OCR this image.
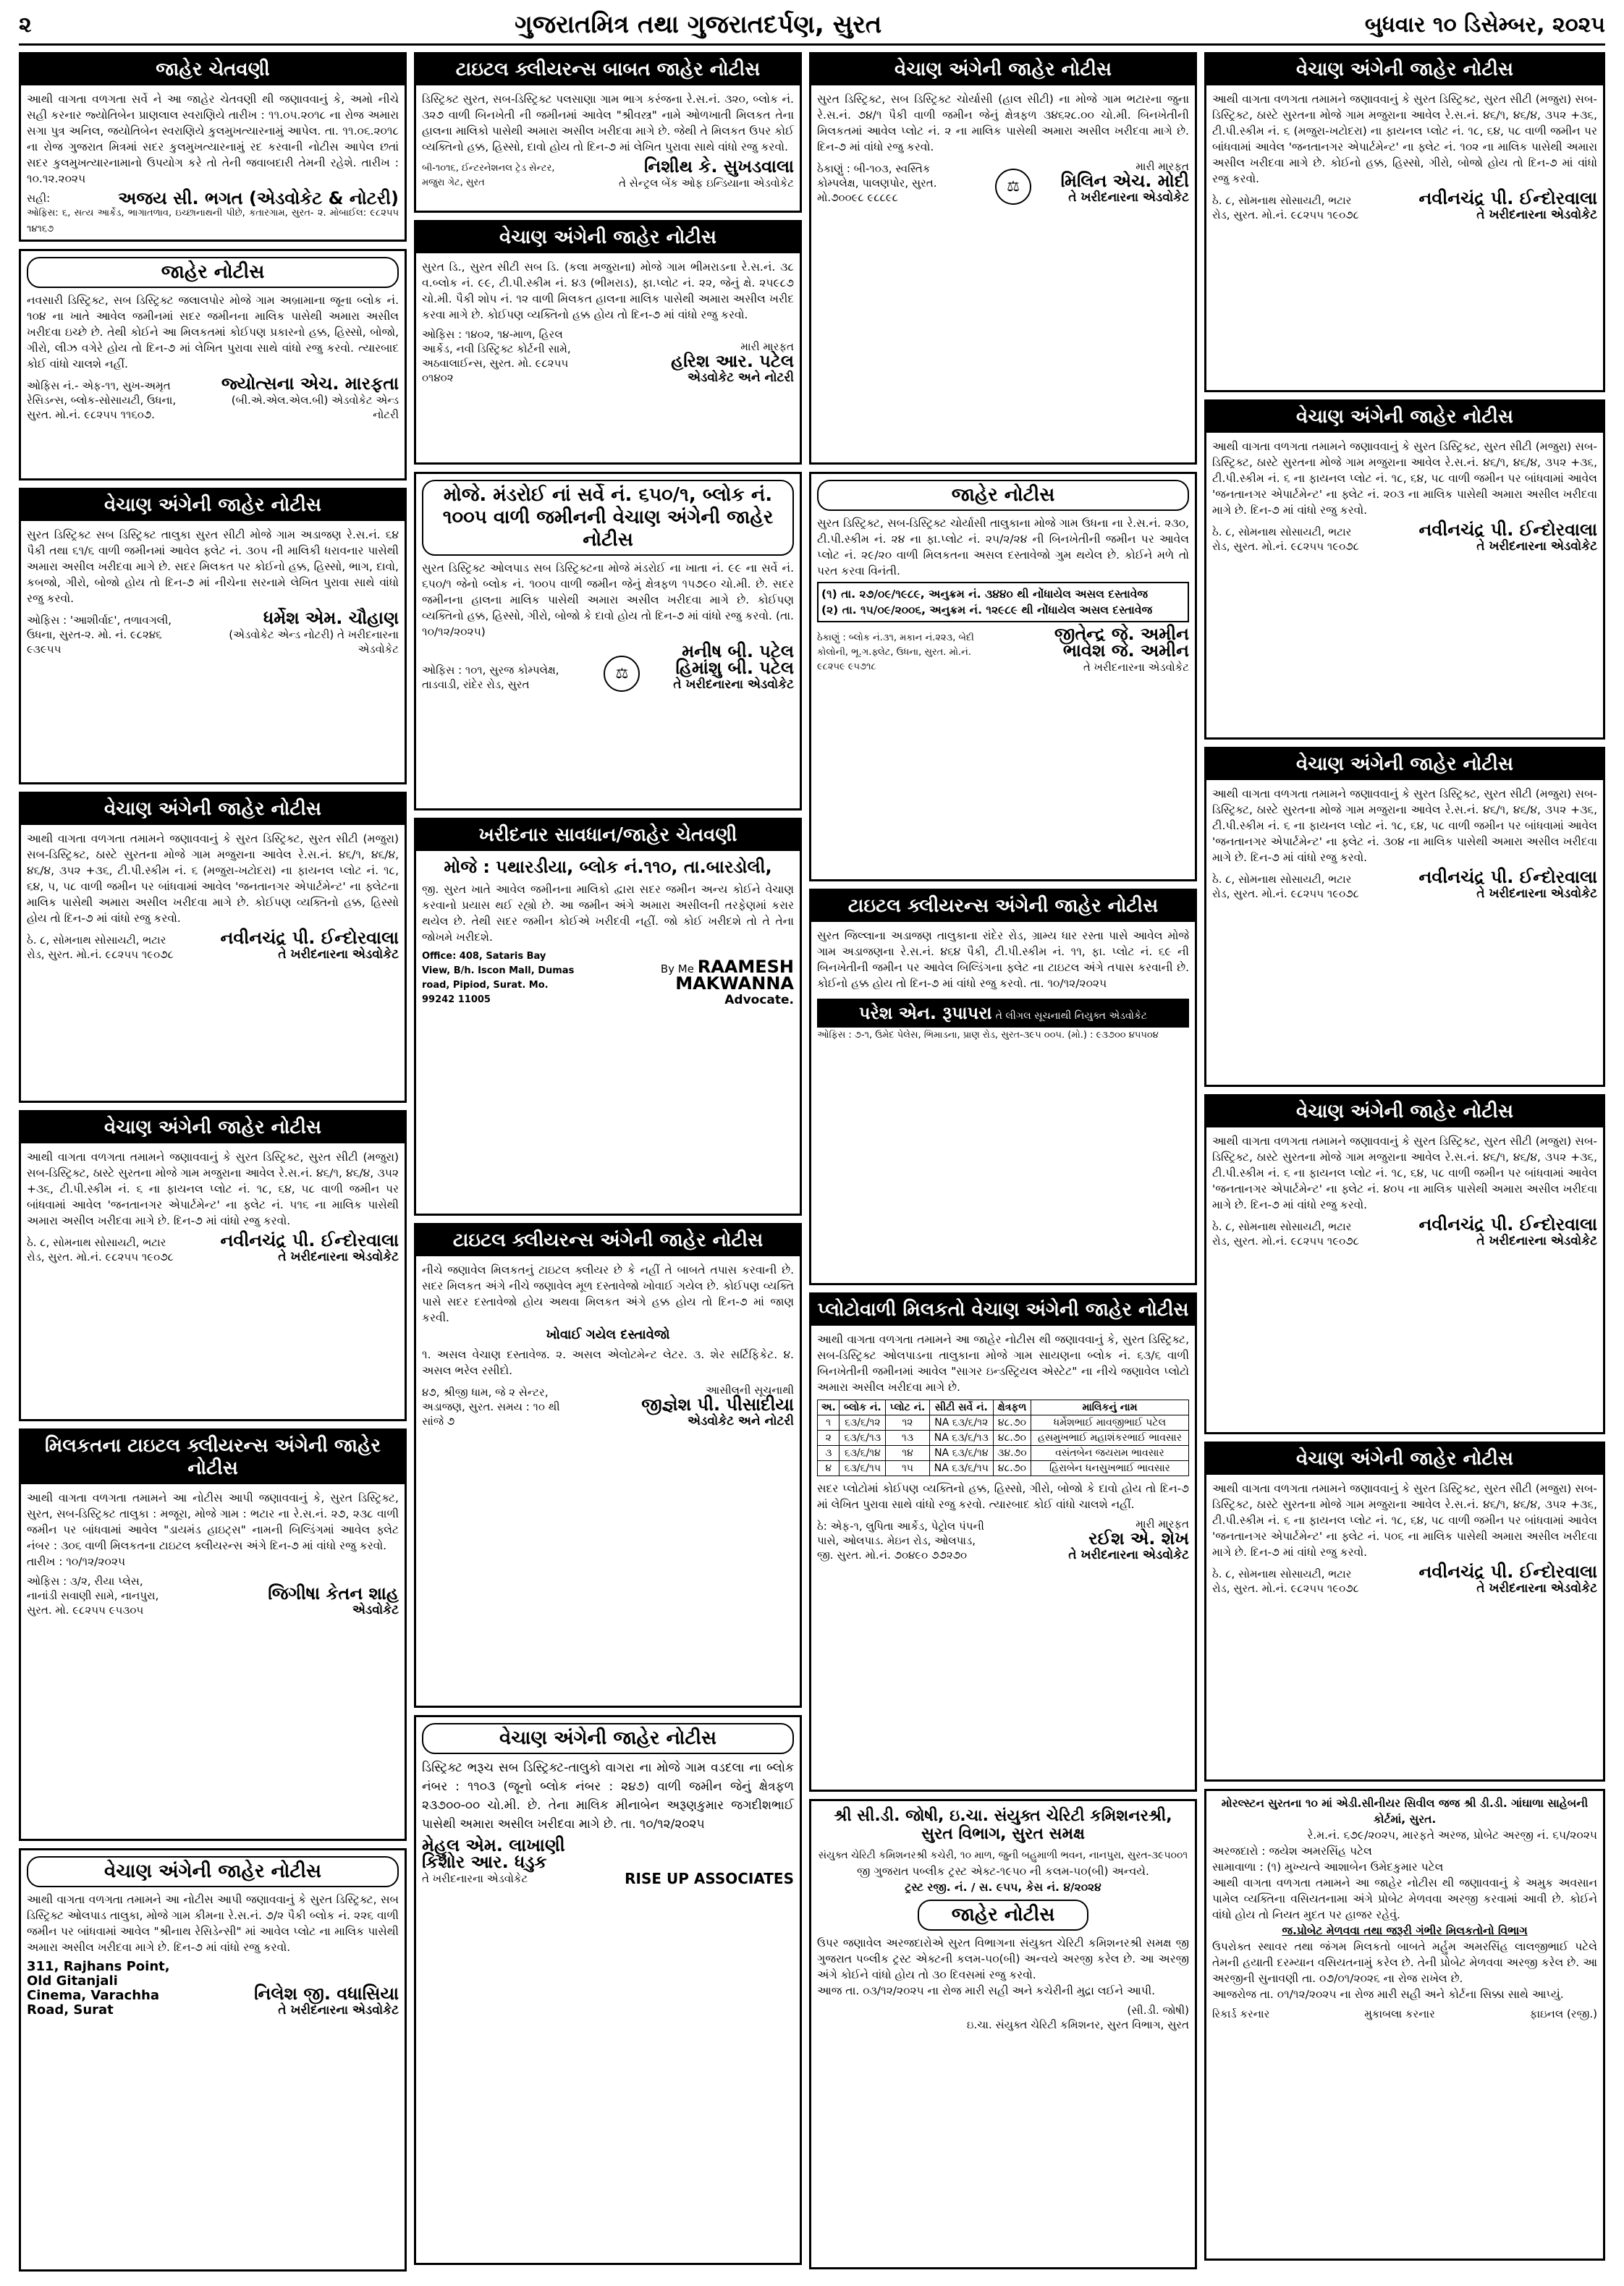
૨	ગુજરાતમિત્ર તથા ગુજરાતદર્પણ, સુરત	બુધવાર ૧૦ ડિસેમ્બર, ૨૦૨૫
જાહેર ચેતવણી
આથી વાગતા વળગતા સર્વે ને આ જાહેર ચેતવણી થી જણાવવાનું કે, અમો નીચે સહી કરનાર જ્યોતિબેન પ્રાણલાલ સ્વરાણિયે તારીખ : ૧૧.૦૫.૨૦૧૮ ના રોજ અમારા સગા પુત્ર અનિલ, જયોતિબેન સ્વરાણિયે કુલમુખત્યારનામું આપેલ. તા. ૧૧.૦૬.૨૦૧૮ ના રોજ ગુજરાત મિત્રમાં સદર કુલમુખત્યારનામું રદ કરવાની નોટીસ આપેલ છતાં સદર કુલમુખત્યારનામાનો ઉપયોગ કરે તો તેની જવાબદારી તેમની રહેશે. તારીખ : ૧૦.૧૨.૨૦૨૫
સહી:	અજય સી. ભગત (એડવોકેટ & નોટરી)
ઓફિસ: ૬, સત્ય આર્કેડ, ભાગાતળાવ, ઇચ્છાનાથની પીછે, કતારગામ, સુરત- ૨. મોબાઈલ: ૯૮૨૫૫ ૧૪૧૬૭
જાહેર નોટીસ
નવસારી ડિસ્ટ્રિક્ટ, સબ ડિસ્ટ્રિક્ટ જલાલપોર મોજે ગામ અબ્રામાના જૂના બ્લોક નં. ૧૦૪ ના ખાતે આવેલ જમીનમાં સદર જમીનના માલિક પાસેથી અમારા અસીલ ખરીદવા ઇચ્છે છે. તેથી કોઈને આ મિલકતમાં કોઈપણ પ્રકારનો હક્ક, હિસ્સો, બોજો, ગીરો, લીઝ વગેરે હોય તો દિન-૭ માં લેખિત પુરાવા સાથે વાંધો રજુ કરવો. ત્યારબાદ કોઈ વાંધો ચાલશે નહીં.
ઓફિસ નં.- એફ-૧૧, સુખ-અમૃત રેસિડન્સ, બ્લોક-સોસાયટી, ઉધના, સુરત. મો.નં. ૯૮૨૫૫ ૧૧૬૦૭.
જ્યોત્સના એચ. મારફતા
(બી.એ.એલ.એલ.બી) એડવોકેટ એન્ડ નોટરી
વેચાણ અંગેની જાહેર નોટીસ
સુરત ડિસ્ટ્રિક્ટ સબ ડિસ્ટ્રિક્ટ તાલુકા સુરત સીટી મોજે ગામ અડાજણ રે.સ.નં. ૬૪ પૈકી તથા ૬૧/૬ વાળી જમીનમાં આવેલ ફ્લેટ નં. ૩૦૫ ની માલિકી ધરાવનાર પાસેથી અમારા અસીલ ખરીદવા માગે છે. સદર મિલકત પર કોઈનો હક્ક, હિસ્સો, ભાગ, દાવો, કબજો, ગીરો, બોજો હોય તો દિન-૭ માં નીચેના સરનામે લેખિત પુરાવા સાથે વાંધો રજુ કરવો.
ઓફિસ : 'આશીર્વાદ', તળાવગલી, ઉધના, સુરત-૨. મો. નં. ૯૮૨૪૬ ૯૩૯૫૫
ધર્મેશ એમ. ચૌહાણ
(એડવોકેટ એન્ડ નોટરી) તે ખરીદનારના એડવોકેટ
વેચાણ અંગેની જાહેર નોટીસ
આથી વાગતા વળગતા તમામને જણાવવાનું કે સુરત ડિસ્ટ્રિક્ટ, સુરત સીટી (મજુરા) સબ-ડિસ્ટ્રિક્ટ, ઠાસ્ટે સુરતના મોજે ગામ મજુરાના આવેલ રે.સ.નં. ૪૬/૧, ૪૬/૪, ૪૬/૪, ૩૫૨ +૩૬, ટી.પી.સ્કીમ નં. ૬ (મજુરા-ખટોદરા) ના ફાયનલ પ્લોટ નં. ૧૮, ૬૪, ૫, ૫૮ વાળી જમીન પર બાંધવામાં આવેલ 'જનતાનગર એપાર્ટમેન્ટ' ના ફ્લેટના માલિક પાસેથી અમારા અસીલ ખરીદવા માગે છે. કોઈપણ વ્યક્તિનો હક્ક, હિસ્સો હોય તો દિન-૭ માં વાંધો રજુ કરવો.
ઠે. ૮, સોમનાથ સોસાયટી, ભટાર રોડ, સુરત. મો.નં. ૯૮૨૫૫ ૧૯૦૭૮
નવીનચંદ્ર પી. ઈન્દોરવાલા
તે ખરીદનારના એડવોકેટ
વેચાણ અંગેની જાહેર નોટીસ
આથી વાગતા વળગતા તમામને જણાવવાનું કે સુરત ડિસ્ટ્રિક્ટ, સુરત સીટી (મજુરા) સબ-ડિસ્ટ્રિક્ટ, ઠાસ્ટે સુરતના મોજે ગામ મજુરાના આવેલ રે.સ.નં. ૪૬/૧, ૪૬/૪, ૩૫૨ +૩૬, ટી.પી.સ્કીમ નં. ૬ ના ફાયનલ પ્લોટ નં. ૧૮, ૬૪, ૫૮ વાળી જમીન પર બાંધવામાં આવેલ 'જનતાનગર એપાર્ટમેન્ટ' ના ફ્લેટ નં. ૫૧૬ ના માલિક પાસેથી અમારા અસીલ ખરીદવા માગે છે. દિન-૭ માં વાંધો રજુ કરવો.
ઠે. ૮, સોમનાથ સોસાયટી, ભટાર રોડ, સુરત. મો.નં. ૯૮૨૫૫ ૧૯૦૭૮
નવીનચંદ્ર પી. ઈન્દોરવાલા
તે ખરીદનારના એડવોકેટ
મિલકતના ટાઇટલ ક્લીયરન્સ અંગેની જાહેર નોટીસ
આથી વાગતા વળગતા તમામને આ નોટીસ આપી જણાવવાનું કે, સુરત ડિસ્ટ્રિક્ટ, સુરત, સબ-ડિસ્ટ્રિક્ટ તાલુકા : મજૂરા, મોજે ગામ : ભટાર ના રે.સ.નં. ૨૭, ૨૩૮ વાળી જમીન પર બાંધવામાં આવેલ "ડાયમંડ હાઇટ્સ" નામની બિલ્ડિંગમાં આવેલ ફ્લેટ નંબર : ૩૦૬ વાળી મિલકતના ટાઇટલ ક્લીયરન્સ અંગે દિન-૭ માં વાંધો રજુ કરવો.
તારીખ : ૧૦/૧૨/૨૦૨૫
ઓફિસ : ૩/૨, રીયા પ્લેસ, નાનાંડી સવાણી સામે, નાનપુરા, સુરત. મો. ૯૮૨૫૫ ૯૫૩૦૫
જિગીષા કેતન શાહ
એડવોકેટ
વેચાણ અંગેની જાહેર નોટીસ
આથી વાગતા વળગતા તમામને આ નોટીસ આપી જણાવવાનું કે સુરત ડિસ્ટ્રિક્ટ, સબ ડિસ્ટ્રિક્ટ ઓલપાડ તાલુકા, મોજે ગામ કીમના રે.સ.નં. ૭/૨ પૈકી બ્લોક નં. ૨૨૬ વાળી જમીન પર બાંધવામાં આવેલ "શ્રીનાથ રેસિડેન્સી" માં આવેલ પ્લોટ ના માલિક પાસેથી અમારા અસીલ ખરીદવા માગે છે. દિન-૭ માં વાંધો રજુ કરવો.
311, Rajhans Point, Old Gitanjali Cinema, Varachha Road, Surat
નિલેશ જી. વધાસિયા
તે ખરીદનારના એડવોકેટ
ટાઇટલ ક્લીયરન્સ બાબત જાહેર નોટીસ
ડિસ્ટ્રિક્ટ સુરત, સબ-ડિસ્ટ્રિક્ટ પલસાણા ગામ ભાગ કરંજના રે.સ.નં. ૩૨૦, બ્લોક નં. ૩૨૭ વાળી બિનખેતી ની જમીનમાં આવેલ "શ્રીવસ્ત્ર" નામે ઓળખાતી મિલકત તેના હાલના માલિકો પાસેથી અમારા અસીલ ખરીદવા માગે છે. જેથી તે મિલકત ઉપર કોઈ વ્યક્તિનો હક્ક, હિસ્સો, દાવો હોય તો દિન-૭ માં લેખિત પુરાવા સાથે વાંધો રજુ કરવો.
બી-૧૦૧૬, ઈન્ટરનેશનલ ટ્રેડ સેન્ટર, મજુરા ગેટ, સુરત
નિશીથ કે. સુખડવાલા
તે સેન્ટ્રલ બેંક ઓફ ઇન્ડિયાના એડવોકેટ
વેચાણ અંગેની જાહેર નોટીસ
સુરત ડિ., સુરત સીટી સબ ડિ. (કલા મજુરાના) મોજે ગામ ભીમરાડના રે.સ.નં. ૩૮ વ.બ્લોક નં. ૯૯, ટી.પી.સ્કીમ નં. ૪૩ (ભીમરાડ), ફા.પ્લોટ નં. ૨૨, જેનું ક્ષે. ૨૫૯૮૭ ચો.મી. પૈકી શોપ નં. ૧૨ વાળી મિલકત હાલના માલિક પાસેથી અમારા અસીલ ખરીદ કરવા માગે છે. કોઈપણ વ્યક્તિનો હક્ક હોય તો દિન-૭ માં વાંધો રજુ કરવો.
ઓફિસ : ૧૪૦૨, ૧૪-માળ, હિરલ આર્કેડ, નવી ડિસ્ટ્રિક્ટ કોર્ટની સામે, અઠવાલાઈન્સ, સુરત. મો. ૯૮૨૫૫ ૦૧૪૦૨
મારી મારફત
હરિશ આર. પટેલ
એડવોકેટ અને નોટરી
મોજે. મંડરોઈ નાં સર્વે નં. ૬૫૦/૧, બ્લોક નં. ૧૦૦૫ વાળી જમીનની વેચાણ અંગેની જાહેર નોટીસ
સુરત ડિસ્ટ્રિક્ટ ઓલપાડ સબ ડિસ્ટ્રિક્ટના મોજે મંડરોઈ ના ખાતા નં. ૯૯ ના સર્વે નં. ૬૫૦/૧ જેનો બ્લોક નં. ૧૦૦૫ વાળી જમીન જેનું ક્ષેત્રફળ ૧૫૭૯૦ ચો.મી. છે. સદર જમીનના હાલના માલિક પાસેથી અમારા અસીલ ખરીદવા માગે છે. કોઈપણ વ્યક્તિનો હક્ક, હિસ્સો, ગીરો, બોજો કે દાવો હોય તો દિન-૭ માં વાંધો રજુ કરવો. (તા. ૧૦/૧૨/૨૦૨૫)
ઓફિસ : ૧૦૧, સુરજ કોમ્પલેક્ષ, તાડવાડી, રાંદેર રોડ, સુરત
⚖
મનીષ બી. પટેલ
હિમાંશુ બી. પટેલ
તે ખરીદનારના એડવોકેટ
ખરીદનાર સાવધાન/જાહેર ચેતવણી
મોજે : પથારડીયા, બ્લોક નં.૧૧૦, તા.બારડોલી,
જી. સુરત ખાતે આવેલ જમીનના માલિકો દ્વારા સદર જમીન અન્ય કોઈને વેચાણ કરવાનો પ્રયાસ થઈ રહ્યો છે. આ જમીન અંગે અમારા અસીલની તરફેણમાં કરાર થયેલ છે. તેથી સદર જમીન કોઈએ ખરીદવી નહીં. જો કોઈ ખરીદશે તો તે તેના જોખમે ખરીદશે.
Office: 408, Sataris Bay View, B/h. Iscon Mall, Dumas road, Pipiod, Surat. Mo. 99242 11005
By Me RAAMESH MAKWANNA
Advocate.
ટાઇટલ ક્લીયરન્સ અંગેની જાહેર નોટીસ
નીચે જણાવેલ મિલકતનું ટાઇટલ ક્લીયર છે કે નહીં તે બાબતે તપાસ કરવાની છે. સદર મિલકત અંગે નીચે જણાવેલ મૂળ દસ્તાવેજો ખોવાઈ ગયેલ છે. કોઈપણ વ્યક્તિ પાસે સદર દસ્તાવેજો હોય અથવા મિલકત અંગે હક્ક હોય તો દિન-૭ માં જાણ કરવી.
ખોવાઈ ગયેલ દસ્તાવેજો
૧. અસલ વેચાણ દસ્તાવેજ. ૨. અસલ એલોટમેન્ટ લેટર. ૩. શેર સર્ટિફિકેટ. ૪. અસલ ભરેલ રસીદો.
૪૭, શ્રીજી ધામ, જે ૨ સેન્ટર, અડાજણ, સુરત. સમય : ૧૦ થી સાંજે ૭
આસીલની સૂચનાથી
જીજ્ઞેશ પી. પીસાદીયા
એડવોકેટ અને નોટરી
વેચાણ અંગેની જાહેર નોટીસ
ડિસ્ટ્રિક્ટ ભરૂચ સબ ડિસ્ટ્રિક્ટ-તાલુકો વાગરા ના મોજે ગામ વડદલા ના બ્લોક નંબર : ૧૧૦૩ (જૂનો બ્લોક નંબર : ૨૪૭) વાળી જમીન જેનું ક્ષેત્રફળ ૨૩૭૦૦-૦૦ ચો.મી. છે. તેના માલિક મીનાબેન અરૂણકુમાર જગદીશભાઈ પાસેથી અમારા અસીલ ખરીદવા માગે છે. તા. ૧૦/૧૨/૨૦૨૫
મેહુલ એમ. લાખાણી
કિશોર આર. ધડુક
તે ખરીદનારના એડવોકેટ	RISE UP ASSOCIATES
વેચાણ અંગેની જાહેર નોટીસ
સુરત ડિસ્ટ્રિક્ટ, સબ ડિસ્ટ્રિક્ટ ચોર્યાસી (હાલ સીટી) ના મોજે ગામ ભટારના જુના રે.સ.નં. ૭૪/૧ પૈકી વાળી જમીન જેનું ક્ષેત્રફળ ૩૪૬૨૮.૦૦ ચો.મી. બિનખેતીની મિલકતમાં આવેલ પ્લોટ નં. ૨ ના માલિક પાસેથી અમારા અસીલ ખરીદવા માગે છે. દિન-૭ માં વાંધો રજુ કરવો.
ઠેકાણું : બી-૧૦૩, સ્વસ્તિક કોમ્પલેક્ષ, પાલણપોર, સુરત. મો.૭૦૦૯૮ ૯૮૮૯૮
⚖
મારી મારફત
મિલિન એચ. મોદી
તે ખરીદનારના એડવોકેટ
જાહેર નોટીસ
સુરત ડિસ્ટ્રિક્ટ, સબ-ડિસ્ટ્રિક્ટ ચોર્યાસી તાલુકાના મોજે ગામ ઉધના ના રે.સ.નં. ૨૩૦, ટી.પી.સ્કીમ નં. ૨૪ ના ફા.પ્લોટ નં. ૨૫/૨/૨૪ ની બિનખેતીની જમીન પર આવેલ પ્લોટ નં. ૨૯/૨૦ વાળી મિલકતના અસલ દસ્તાવેજો ગુમ થયેલ છે. કોઈને મળે તો પરત કરવા વિનંતી.
(૧) તા. ૨૭/૦૯/૧૯૮૯, અનુક્રમ નં. ૩૪૪૦ થી નોંધાયેલ અસલ દસ્તાવેજ
(૨) તા. ૧૫/૦૯/૨૦૦૬, અનુક્રમ નં. ૧૨૯૮૯ થી નોંધાયેલ અસલ દસ્તાવેજ
ઠેકાણું : બ્લોક નં.૩૧, મકાન નં.૨૨૩, બેદી કોલોની, ભૂ.ગ.ફ્લેટ, ઉધના, સુરત. મો.નં. ૯૮૨૫૯ ૯૫૭૧૮
જીતેન્દ્ર જે. અમીન
ભાવેશ જે. અમીન
તે ખરીદનારના એડવોકેટ
ટાઇટલ ક્લીયરન્સ અંગેની જાહેર નોટીસ
સુરત જિલ્લાના અડાજણ તાલુકાના રાંદેર રોડ, ગ્રામ્ય ધાર રસ્તા પાસે આવેલ મોજે ગામ અડાજણના રે.સ.નં. ૪૬૪ પૈકી, ટી.પી.સ્કીમ નં. ૧૧, ફા. પ્લોટ નં. ૬૯ ની બિનખેતીની જમીન પર આવેલ બિલ્ડિંગના ફ્લેટ ના ટાઇટલ અંગે તપાસ કરવાની છે. કોઈનો હક્ક હોય તો દિન-૭ માં વાંધો રજુ કરવો. તા. ૧૦/૧૨/૨૦૨૫
પરેશ એન. રૂપાપરા તે લીગલ સૂચનાથી નિયુક્ત એડવોકેટ
ઓફિસ : ૭-૧, ઉમેદ પેલેસ, ભિમાડના, પ્રાણ રોડ, સુરત-૩૯૫ ૦૦૫. (મો.) : ૯૩૭૦૦ ૪૫૫૦૪
પ્લોટોવાળી મિલકતો વેચાણ અંગેની જાહેર નોટીસ
આથી વાગતા વળગતા તમામને આ જાહેર નોટીસ થી જણાવવાનું કે, સુરત ડિસ્ટ્રિક્ટ, સબ-ડિસ્ટ્રિક્ટ ઓલપાડના તાલુકાના મોજે ગામ સાયણના બ્લોક નં. ૬૩/૬ વાળી બિનખેતીની જમીનમાં આવેલ "સાગર ઇન્ડસ્ટ્રિયલ એસ્ટેટ" ના નીચે જણાવેલ પ્લોટો અમારા અસીલ ખરીદવા માગે છે.
અ.	બ્લોક નં.	પ્લોટ નં.	સીટી સર્વે નં.	ક્ષેત્રફળ	માલિકનું નામ
૧	૬૩/૬/૧૨	૧૨	NA ૬૩/૬/૧૨	૪૮.૭૦	ધર્મેશભાઈ માવજીભાઈ પટેલ
૨	૬૩/૬/૧૩	૧૩	NA ૬૩/૬/૧૩	૪૮.૭૦	હસમુખભાઈ મહાશંકરભાઈ ભાવસાર
૩	૬૩/૬/૧૪	૧૪	NA ૬૩/૬/૧૪	૩૪.૭૦	વસંતબેન જયરામ ભાવસાર
૪	૬૩/૬/૧૫	૧૫	NA ૬૩/૬/૧૫	૪૮.૭૦	હિરાબેન ધનસુખભાઈ ભાવસાર
સદર પ્લોટોમાં કોઈપણ વ્યક્તિનો હક્ક, હિસ્સો, ગીરો, બોજો કે દાવો હોય તો દિન-૭ માં લેખિત પુરાવા સાથે વાંધો રજુ કરવો. ત્યારબાદ કોઈ વાંધો ચાલશે નહીં.
ઠે: એફ-૧, લુપિતા આર્કેડ, પેટ્રોલ પંપની પાસે, ઓલપાડ. મેઇન રોડ, ઓલપાડ, જી. સુરત. મો.નં. ૭૦૪૯૦ ૭૭૨૭૦
મારી મારફત
રઈશ એ. શેખ
તે ખરીદનારના એડવોકેટ
શ્રી સી.ડી. જોષી, ઇ.ચા. સંયુક્ત ચેરિટી કમિશનરશ્રી, સુરત વિભાગ, સુરત સમક્ષ
સંયુક્ત ચેરિટી કમિશનરશ્રી કચેરી, ૧૦ માળ, જુની બહુમાળી ભવન, નાનપુરા, સુરત-૩૯૫૦૦૧
જી ગુજરાત પબ્લીક ટ્રસ્ટ એક્ટ-૧૯૫૦ ની કલમ-૫૦(બી) અન્વયે.
ટ્રસ્ટ રજી. નં. / સ. ૯૫૫, કેસ નં. ૪/૨૦૨૪
જાહેર નોટીસ
ઉપર જણાવેલ અરજદારોએ સુરત વિભાગના સંયુક્ત ચેરિટી કમિશનરશ્રી સમક્ષ જી ગુજરાત પબ્લીક ટ્રસ્ટ એક્ટની કલમ-૫૦(બી) અન્વયે અરજી કરેલ છે. આ અરજી અંગે કોઈને વાંધો હોય તો ૩૦ દિવસમાં રજુ કરવો.
આજ તા. ૦૩/૧૨/૨૦૨૫ ના રોજ મારી સહી અને કચેરીની મુદ્રા લઈને આપી.
(સી.ડી. જોષી)
ઇ.ચા. સંયુક્ત ચેરિટી કમિશનર, સુરત વિભાગ, સુરત
વેચાણ અંગેની જાહેર નોટીસ
આથી વાગતા વળગતા તમામને જણાવવાનું કે સુરત ડિસ્ટ્રિક્ટ, સુરત સીટી (મજુરા) સબ-ડિસ્ટ્રિક્ટ, ઠાસ્ટે સુરતના મોજે ગામ મજુરાના આવેલ રે.સ.નં. ૪૬/૧, ૪૬/૪, ૩૫૨ +૩૬, ટી.પી.સ્કીમ નં. ૬ (મજુરા-ખટોદરા) ના ફાયનલ પ્લોટ નં. ૧૮, ૬૪, ૫૮ વાળી જમીન પર બાંધવામાં આવેલ 'જનતાનગર એપાર્ટમેન્ટ' ના ફ્લેટ નં. ૧૦૨ ના માલિક પાસેથી અમારા અસીલ ખરીદવા માગે છે. કોઈનો હક્ક, હિસ્સો, ગીરો, બોજો હોય તો દિન-૭ માં વાંધો રજુ કરવો.
ઠે. ૮, સોમનાથ સોસાયટી, ભટાર રોડ, સુરત. મો.નં. ૯૮૨૫૫ ૧૯૦૭૮
નવીનચંદ્ર પી. ઈન્દોરવાલા
તે ખરીદનારના એડવોકેટ
વેચાણ અંગેની જાહેર નોટીસ
આથી વાગતા વળગતા તમામને જણાવવાનું કે સુરત ડિસ્ટ્રિક્ટ, સુરત સીટી (મજુરા) સબ-ડિસ્ટ્રિક્ટ, ઠાસ્ટે સુરતના મોજે ગામ મજુરાના આવેલ રે.સ.નં. ૪૬/૧, ૪૬/૪, ૩૫૨ +૩૬, ટી.પી.સ્કીમ નં. ૬ ના ફાયનલ પ્લોટ નં. ૧૮, ૬૪, ૫૮ વાળી જમીન પર બાંધવામાં આવેલ 'જનતાનગર એપાર્ટમેન્ટ' ના ફ્લેટ નં. ૨૦૩ ના માલિક પાસેથી અમારા અસીલ ખરીદવા માગે છે. દિન-૭ માં વાંધો રજુ કરવો.
ઠે. ૮, સોમનાથ સોસાયટી, ભટાર રોડ, સુરત. મો.નં. ૯૮૨૫૫ ૧૯૦૭૮
નવીનચંદ્ર પી. ઈન્દોરવાલા
તે ખરીદનારના એડવોકેટ
વેચાણ અંગેની જાહેર નોટીસ
આથી વાગતા વળગતા તમામને જણાવવાનું કે સુરત ડિસ્ટ્રિક્ટ, સુરત સીટી (મજુરા) સબ-ડિસ્ટ્રિક્ટ, ઠાસ્ટે સુરતના મોજે ગામ મજુરાના આવેલ રે.સ.નં. ૪૬/૧, ૪૬/૪, ૩૫૨ +૩૬, ટી.પી.સ્કીમ નં. ૬ ના ફાયનલ પ્લોટ નં. ૧૮, ૬૪, ૫૮ વાળી જમીન પર બાંધવામાં આવેલ 'જનતાનગર એપાર્ટમેન્ટ' ના ફ્લેટ નં. ૩૦૪ ના માલિક પાસેથી અમારા અસીલ ખરીદવા માગે છે. દિન-૭ માં વાંધો રજુ કરવો.
ઠે. ૮, સોમનાથ સોસાયટી, ભટાર રોડ, સુરત. મો.નં. ૯૮૨૫૫ ૧૯૦૭૮
નવીનચંદ્ર પી. ઈન્દોરવાલા
તે ખરીદનારના એડવોકેટ
વેચાણ અંગેની જાહેર નોટીસ
આથી વાગતા વળગતા તમામને જણાવવાનું કે સુરત ડિસ્ટ્રિક્ટ, સુરત સીટી (મજુરા) સબ-ડિસ્ટ્રિક્ટ, ઠાસ્ટે સુરતના મોજે ગામ મજુરાના આવેલ રે.સ.નં. ૪૬/૧, ૪૬/૪, ૩૫૨ +૩૬, ટી.પી.સ્કીમ નં. ૬ ના ફાયનલ પ્લોટ નં. ૧૮, ૬૪, ૫૮ વાળી જમીન પર બાંધવામાં આવેલ 'જનતાનગર એપાર્ટમેન્ટ' ના ફ્લેટ નં. ૪૦૫ ના માલિક પાસેથી અમારા અસીલ ખરીદવા માગે છે. દિન-૭ માં વાંધો રજુ કરવો.
ઠે. ૮, સોમનાથ સોસાયટી, ભટાર રોડ, સુરત. મો.નં. ૯૮૨૫૫ ૧૯૦૭૮
નવીનચંદ્ર પી. ઈન્દોરવાલા
તે ખરીદનારના એડવોકેટ
વેચાણ અંગેની જાહેર નોટીસ
આથી વાગતા વળગતા તમામને જણાવવાનું કે સુરત ડિસ્ટ્રિક્ટ, સુરત સીટી (મજુરા) સબ-ડિસ્ટ્રિક્ટ, ઠાસ્ટે સુરતના મોજે ગામ મજુરાના આવેલ રે.સ.નં. ૪૬/૧, ૪૬/૪, ૩૫૨ +૩૬, ટી.પી.સ્કીમ નં. ૬ ના ફાયનલ પ્લોટ નં. ૧૮, ૬૪, ૫૮ વાળી જમીન પર બાંધવામાં આવેલ 'જનતાનગર એપાર્ટમેન્ટ' ના ફ્લેટ નં. ૫૦૬ ના માલિક પાસેથી અમારા અસીલ ખરીદવા માગે છે. દિન-૭ માં વાંધો રજુ કરવો.
ઠે. ૮, સોમનાથ સોસાયટી, ભટાર રોડ, સુરત. મો.નં. ૯૮૨૫૫ ૧૯૦૭૮
નવીનચંદ્ર પી. ઈન્દોરવાલા
તે ખરીદનારના એડવોકેટ
મોરલ્સ્ટન સુરતના ૧૦ માં એડી.સીનીયર સિવીલ જજ શ્રી ડી.ડી. ગાંઘાળા સાહેબની કોર્ટમાં, સુરત.
રે.મ.નં. ૬૭૯/૨૦૨૫, મારફતે અરજ, પ્રોબેટ અરજી નં. ૬૫/૨૦૨૫
અરજદારો : જયેશ અમરસિંહ પટેલ
સામાવાળા : (૧) મુખ્યત્વે આશાબેન ઉમેદકુમાર પટેલ
આથી વાગતા વળગતા તમામને આ જાહેર નોટીસ થી જણાવવાનું કે અમુક અવસાન પામેલ વ્યક્તિના વસિયતનામા અંગે પ્રોબેટ મેળવવા અરજી કરવામાં આવી છે. કોઈને વાંધો હોય તો નિયત મુદત પર હાજર રહેવું.
જ.પ્રોબેટ મેળવવા તથા જરૂરી ગંભીર મિલકતોનો વિભાગ
ઉપરોક્ત સ્થાવર તથા જંગમ મિલકતો બાબતે મર્હુમ અમરસિંહ લાલજીભાઈ પટેલે તેમની હયાતી દરમ્યાન વસિયતનામું કરેલ છે. તેની પ્રોબેટ મેળવવા અરજી કરેલ છે. આ અરજીની સુનાવણી તા. ૦૭/૦૧/૨૦૨૬ ના રોજ રાખેલ છે.
આજરોજ તા. ૦૧/૧૨/૨૦૨૫ ના રોજ મારી સહી અને કોર્ટના સિક્કા સાથે આપ્યું.
રિકાર્ડ કરનાર	મુકાબલા કરનાર	ફાઇનલ (રજી.)
